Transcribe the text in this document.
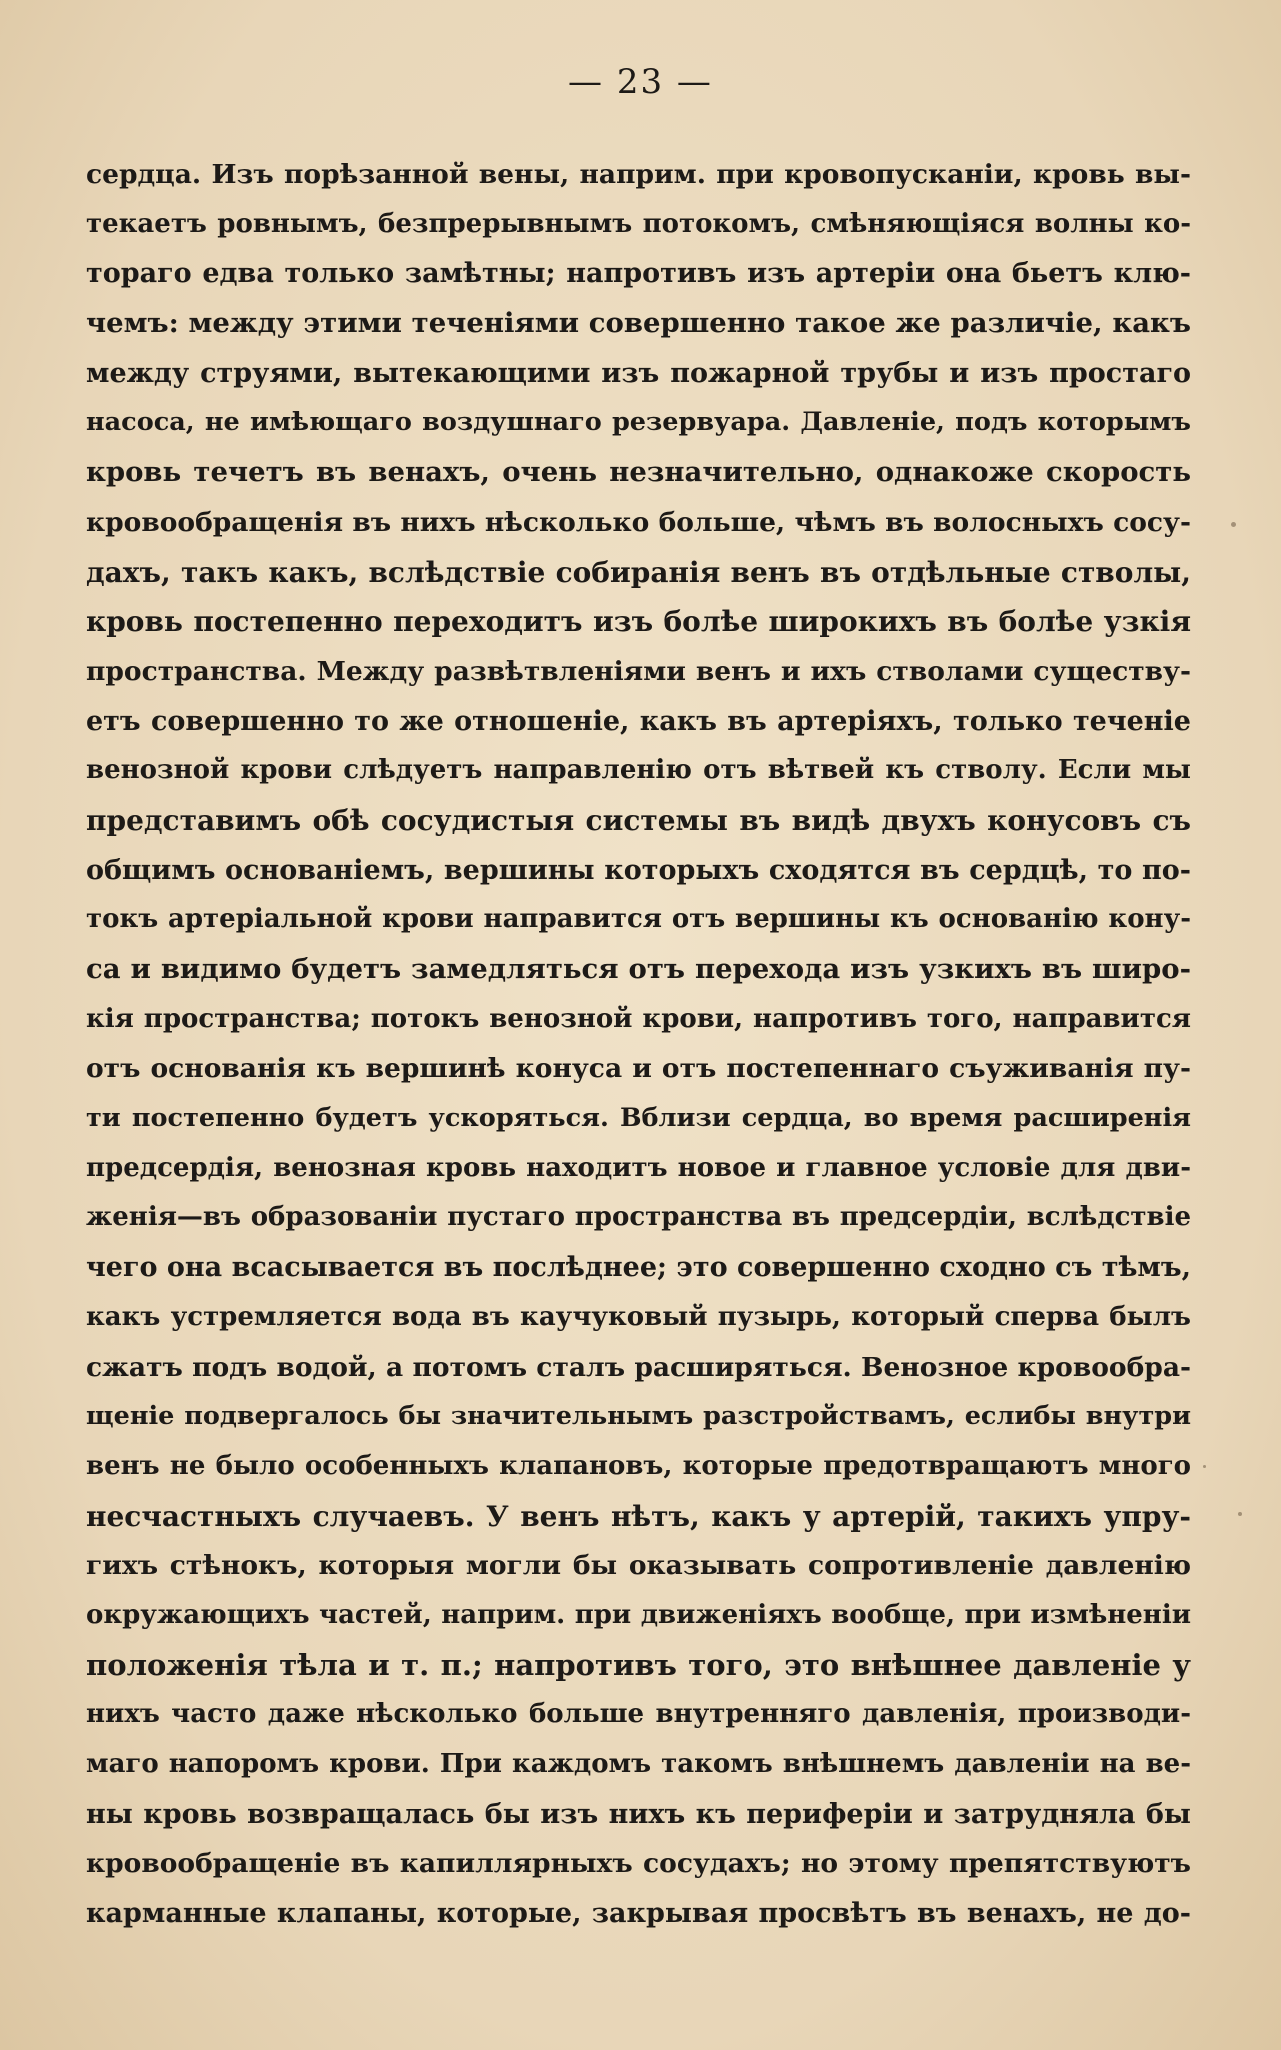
— 23 —
сердца. Изъ порѣзанной вены, наприм. при кровопусканіи, кровь вы-
текаетъ ровнымъ, безпрерывнымъ потокомъ, смѣняющіяся волны ко-
тораго едва только замѣтны; напротивъ изъ артеріи она бьетъ клю-
чемъ: между этими теченіями совершенно такое же различіе, какъ
между струями, вытекающими изъ пожарной трубы и изъ простаго
насоса, не имѣющаго воздушнаго резервуара. Давленіе, подъ которымъ
кровь течетъ въ венахъ, очень незначительно, однакоже скорость
кровообращенія въ нихъ нѣсколько больше, чѣмъ въ волосныхъ сосу-
дахъ, такъ какъ, вслѣдствіе собиранія венъ въ отдѣльные стволы,
кровь постепенно переходитъ изъ болѣе широкихъ въ болѣе узкія
пространства. Между развѣтвленіями венъ и ихъ стволами существу-
етъ совершенно то же отношеніе, какъ въ артеріяхъ, только теченіе
венозной крови слѣдуетъ направленію отъ вѣтвей къ стволу. Если мы
представимъ обѣ сосудистыя системы въ видѣ двухъ конусовъ съ
общимъ основаніемъ, вершины которыхъ сходятся въ сердцѣ, то по-
токъ артеріальной крови направится отъ вершины къ основанію кону-
са и видимо будетъ замедляться отъ перехода изъ узкихъ въ широ-
кія пространства; потокъ венозной крови, напротивъ того, направится
отъ основанія къ вершинѣ конуса и отъ постепеннаго съуживанія пу-
ти постепенно будетъ ускоряться. Вблизи сердца, во время расширенія
предсердія, венозная кровь находитъ новое и главное условіе для дви-
женія—въ образованіи пустаго пространства въ предсердіи, вслѣдствіе
чего она всасывается въ послѣднее; это совершенно сходно съ тѣмъ,
какъ устремляется вода въ каучуковый пузырь, который сперва былъ
сжатъ подъ водой, а потомъ сталъ расширяться. Венозное кровообра-
щеніе подвергалось бы значительнымъ разстройствамъ, еслибы внутри
венъ не было особенныхъ клапановъ, которые предотвращаютъ много
несчастныхъ случаевъ. У венъ нѣтъ, какъ у артерій, такихъ упру-
гихъ стѣнокъ, которыя могли бы оказывать сопротивленіе давленію
окружающихъ частей, наприм. при движеніяхъ вообще, при измѣненіи
положенія тѣла и т. п.; напротивъ того, это внѣшнее давленіе у
нихъ часто даже нѣсколько больше внутренняго давленія, производи-
маго напоромъ крови. При каждомъ такомъ внѣшнемъ давленіи на ве-
ны кровь возвращалась бы изъ нихъ къ периферіи и затрудняла бы
кровообращеніе въ капиллярныхъ сосудахъ; но этому препятствуютъ
карманные клапаны, которые, закрывая просвѣтъ въ венахъ, не до-
